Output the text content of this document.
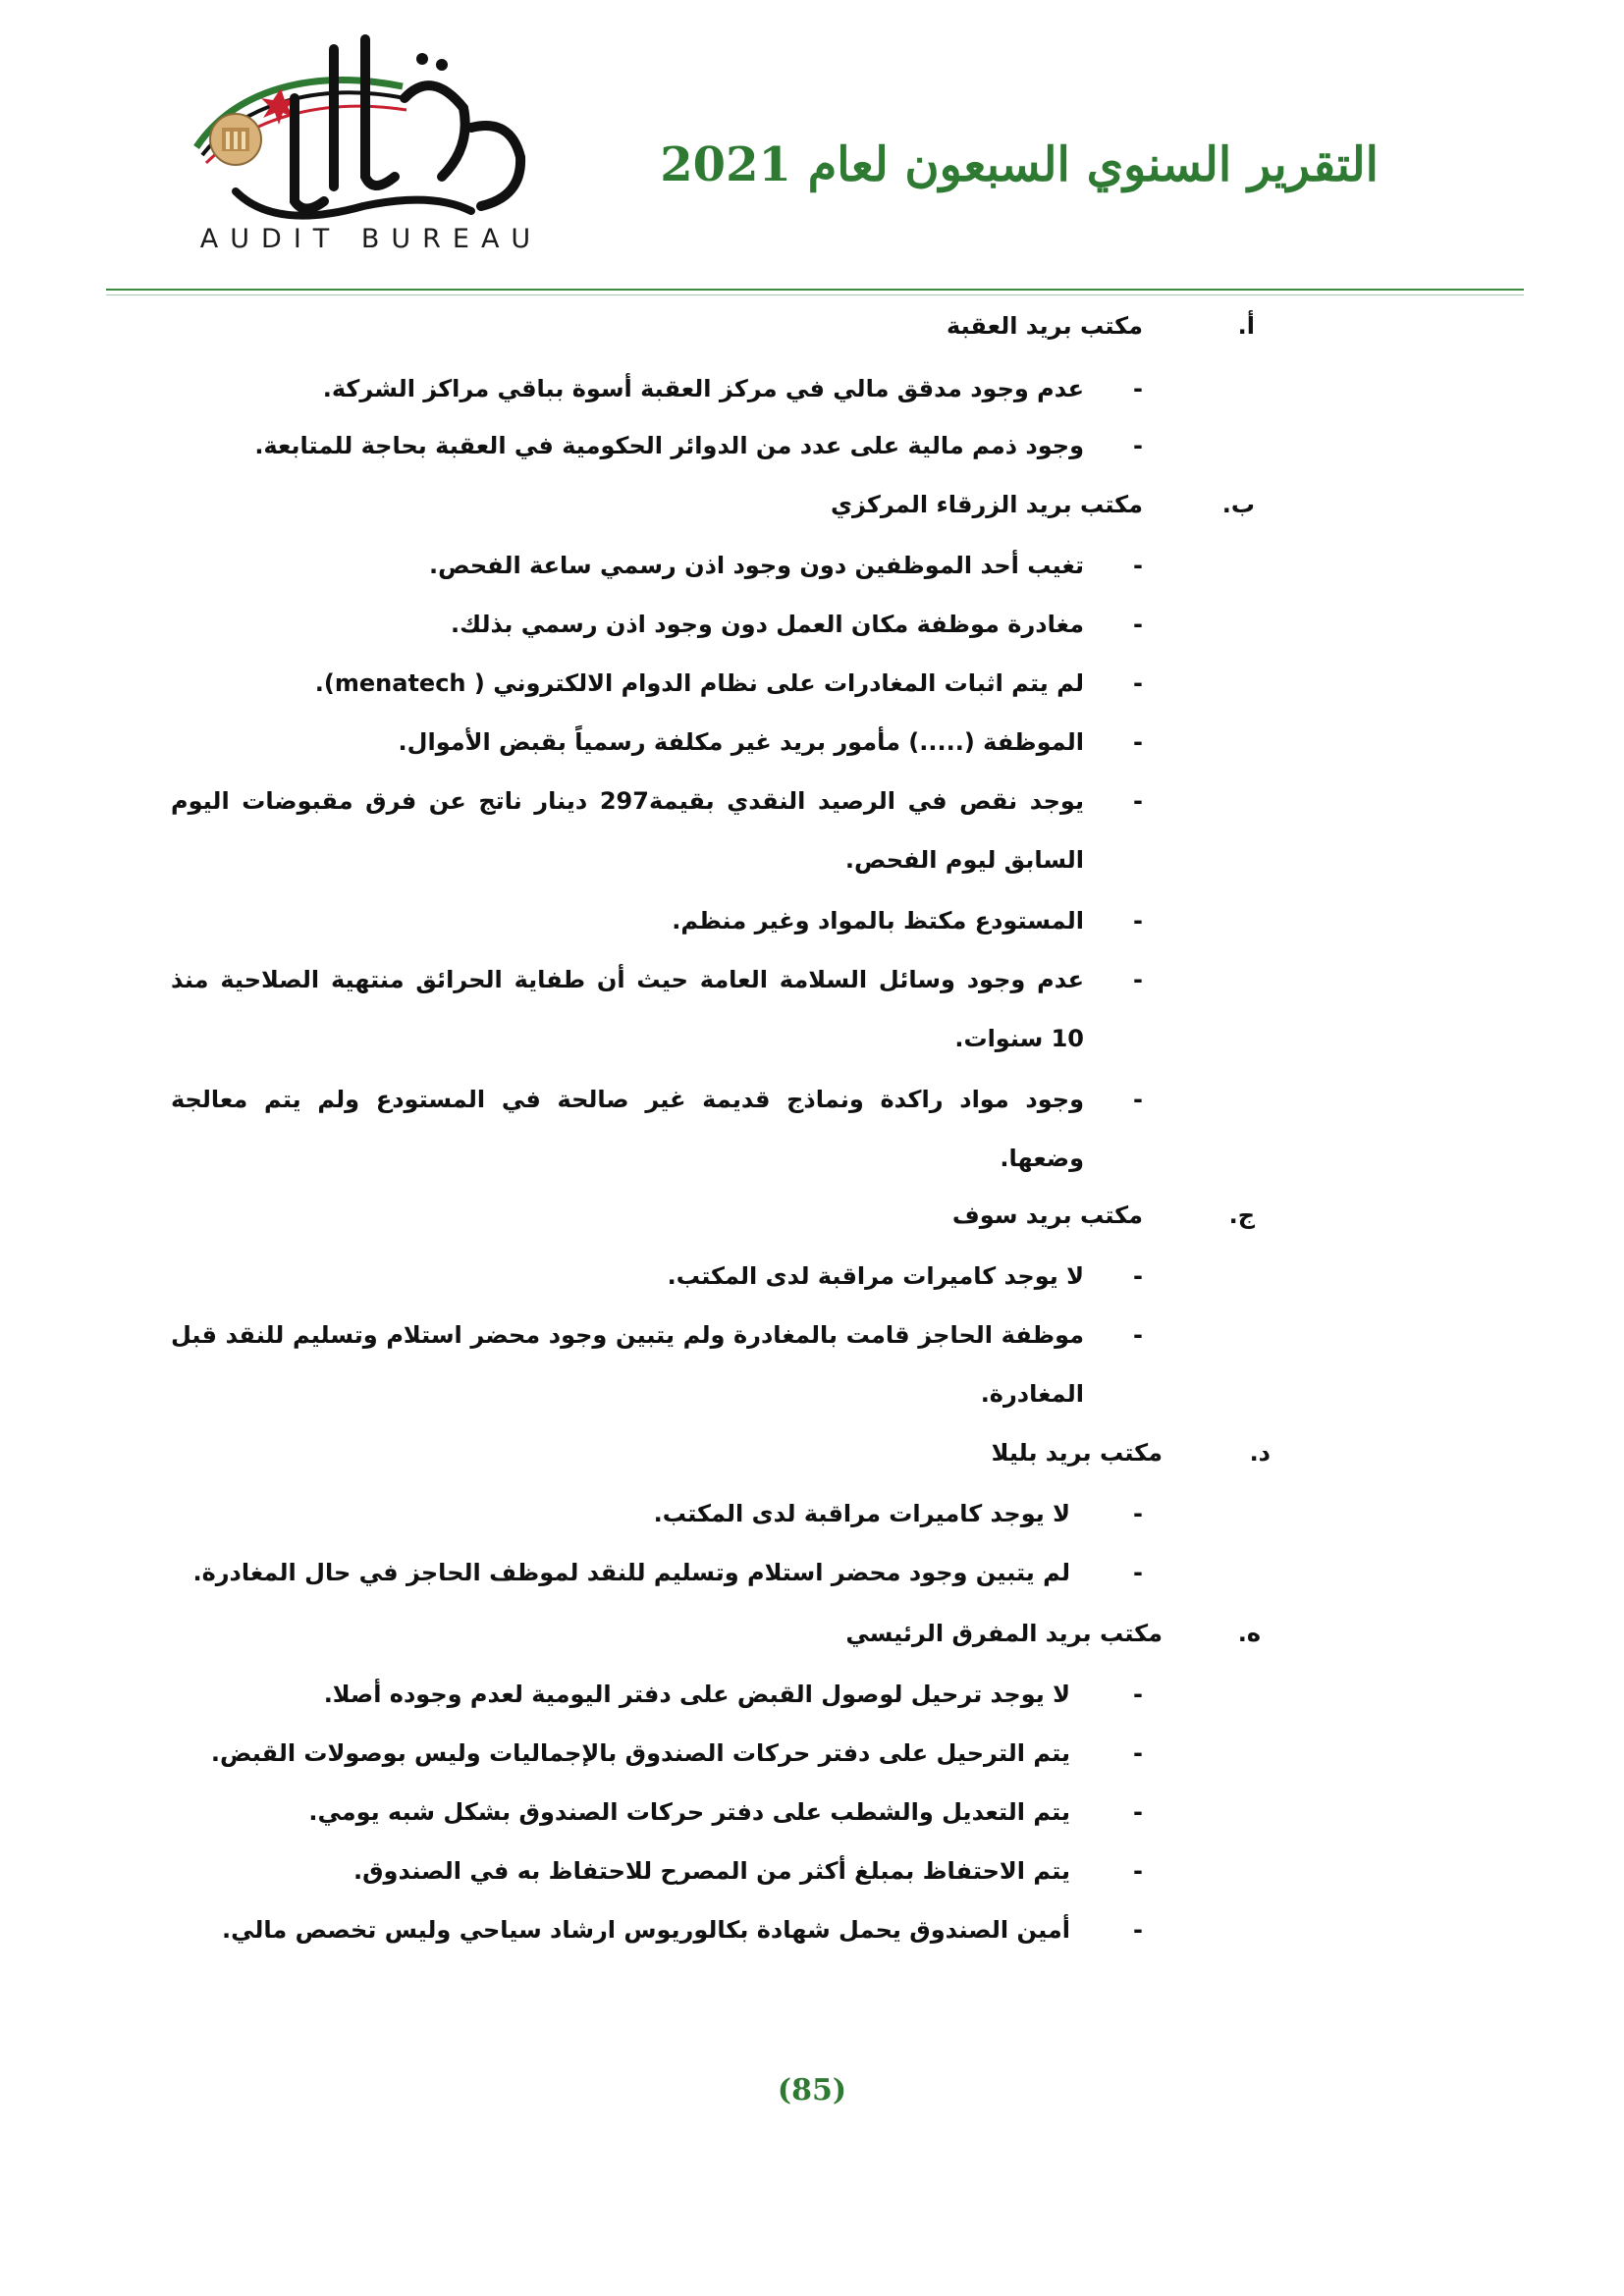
AUDIT BUREAU
التقرير السنوي السبعون لعام 2021
أ.
مكتب بريد العقبة
-
عدم وجود مدقق مالي في مركز العقبة أسوة بباقي مراكز الشركة.
-
وجود ذمم مالية على عدد من الدوائر الحكومية في العقبة بحاجة للمتابعة.
ب.
مكتب بريد الزرقاء المركزي
-
تغيب أحد الموظفين دون وجود اذن رسمي ساعة الفحص.
-
مغادرة موظفة مكان العمل دون وجود اذن رسمي بذلك.
-
لم يتم اثبات المغادرات على نظام الدوام الالكتروني ( menatech).
-
الموظفة (.....) مأمور بريد غير مكلفة رسمياً بقبض الأموال.
-
يوجد نقص في الرصيد النقدي بقيمة297 دينار ناتج عن فرق مقبوضات اليوم السابق ليوم الفحص.
-
المستودع مكتظ بالمواد وغير منظم.
-
عدم وجود وسائل السلامة العامة حيث أن طفاية الحرائق منتهية الصلاحية منذ 10 سنوات.
-
وجود مواد راكدة ونماذج قديمة غير صالحة في المستودع ولم يتم معالجة وضعها.
ج.
مكتب بريد سوف
-
لا يوجد كاميرات مراقبة لدى المكتب.
-
موظفة الحاجز قامت بالمغادرة ولم يتبين وجود محضر استلام وتسليم للنقد قبل المغادرة.
د.
مكتب بريد بليلا
-
لا يوجد كاميرات مراقبة لدى المكتب.
-
لم يتبين وجود محضر استلام وتسليم للنقد لموظف الحاجز في حال المغادرة.
ه.
مكتب بريد المفرق الرئيسي
-
لا يوجد ترحيل لوصول القبض على دفتر اليومية لعدم وجوده أصلا.
-
يتم الترحيل على دفتر حركات الصندوق بالإجماليات وليس بوصولات القبض.
-
يتم التعديل والشطب على دفتر حركات الصندوق بشكل شبه يومي.
-
يتم الاحتفاظ بمبلغ أكثر من المصرح للاحتفاظ به في الصندوق.
-
أمين الصندوق يحمل شهادة بكالوريوس ارشاد سياحي وليس تخصص مالي.
(85)
